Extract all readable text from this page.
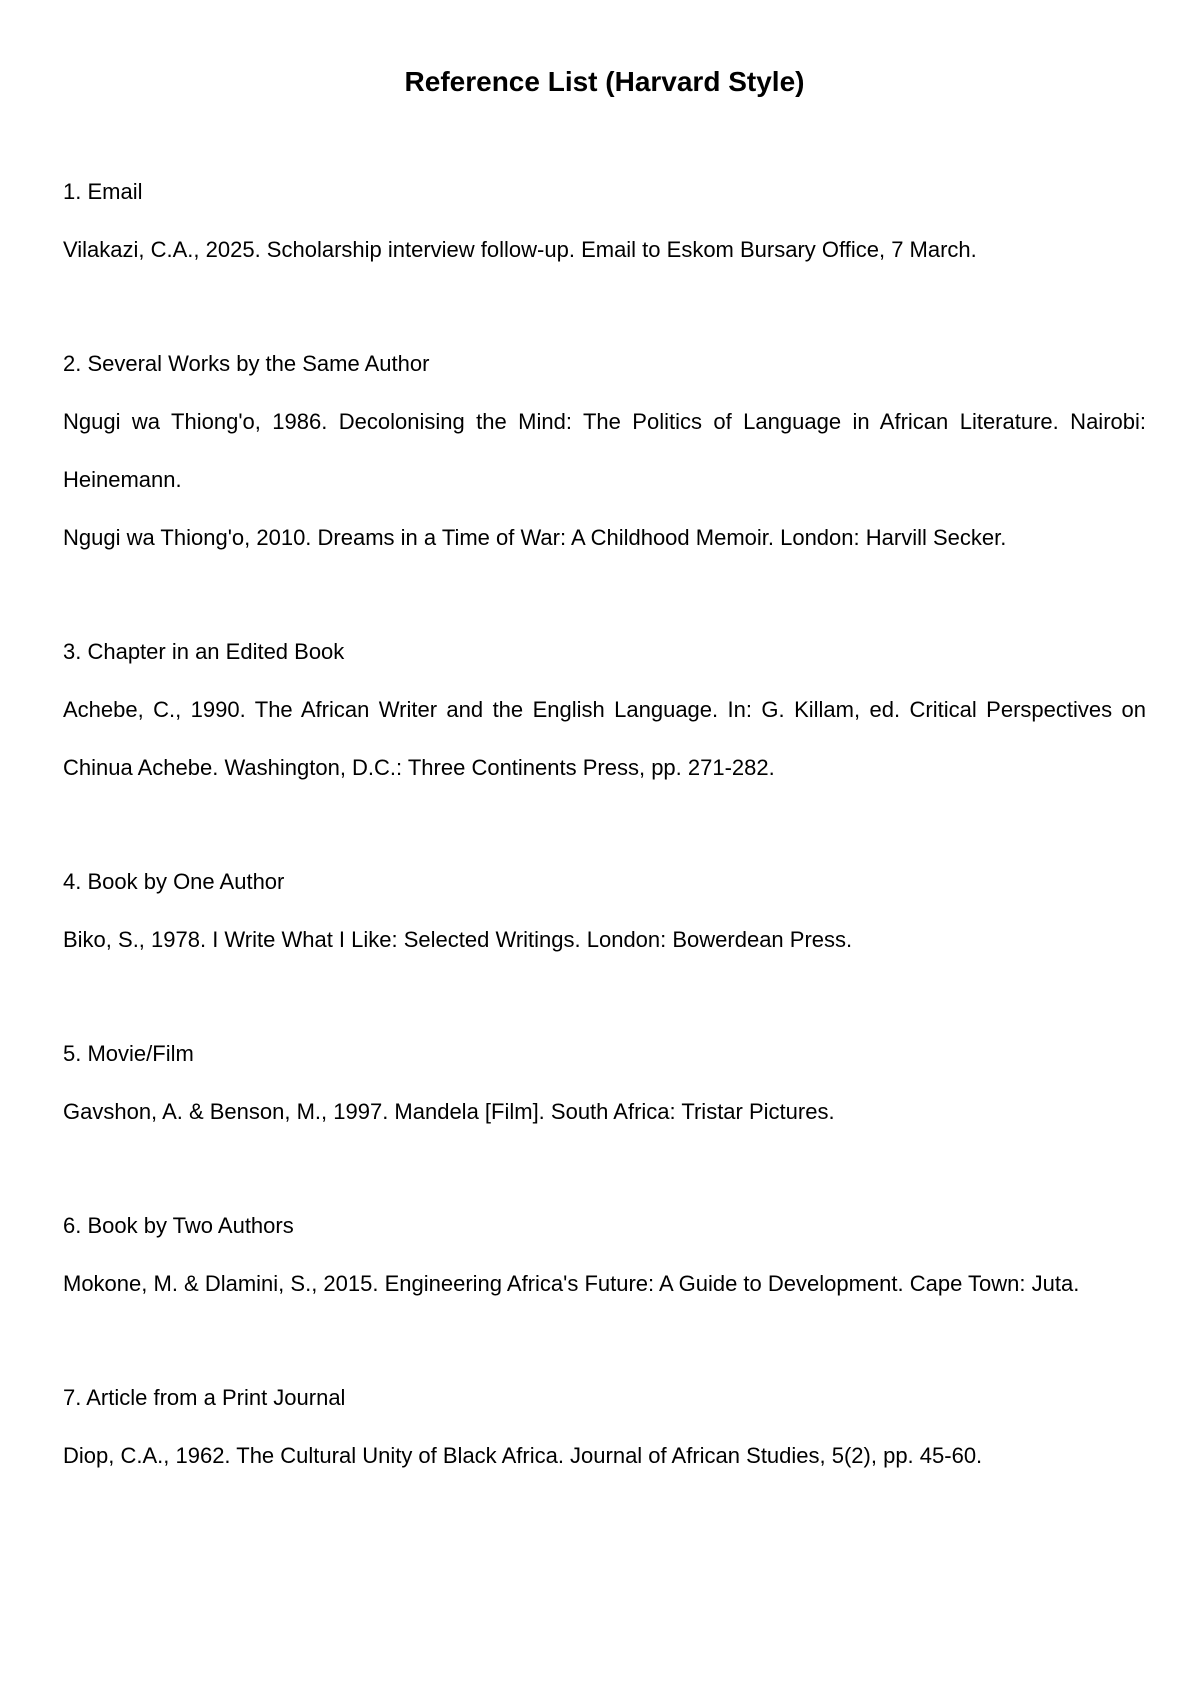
Reference List (Harvard Style)

1. Email

Vilakazi, C.A., 2025. Scholarship interview follow-up. Email to Eskom Bursary Office, 7 March.

2. Several Works by the Same Author

Ngugi wa Thiong'o, 1986. Decolonising the Mind: The Politics of Language in African Literature. Nairobi: Heinemann.

Ngugi wa Thiong'o, 2010. Dreams in a Time of War: A Childhood Memoir. London: Harvill Secker.

3. Chapter in an Edited Book

Achebe, C., 1990. The African Writer and the English Language. In: G. Killam, ed. Critical Perspectives on Chinua Achebe. Washington, D.C.: Three Continents Press, pp. 271-282.

4. Book by One Author

Biko, S., 1978. I Write What I Like: Selected Writings. London: Bowerdean Press.

5. Movie/Film

Gavshon, A. & Benson, M., 1997. Mandela [Film]. South Africa: Tristar Pictures.

6. Book by Two Authors

Mokone, M. & Dlamini, S., 2015. Engineering Africa's Future: A Guide to Development. Cape Town: Juta.

7. Article from a Print Journal

Diop, C.A., 1962. The Cultural Unity of Black Africa. Journal of African Studies, 5(2), pp. 45-60.
